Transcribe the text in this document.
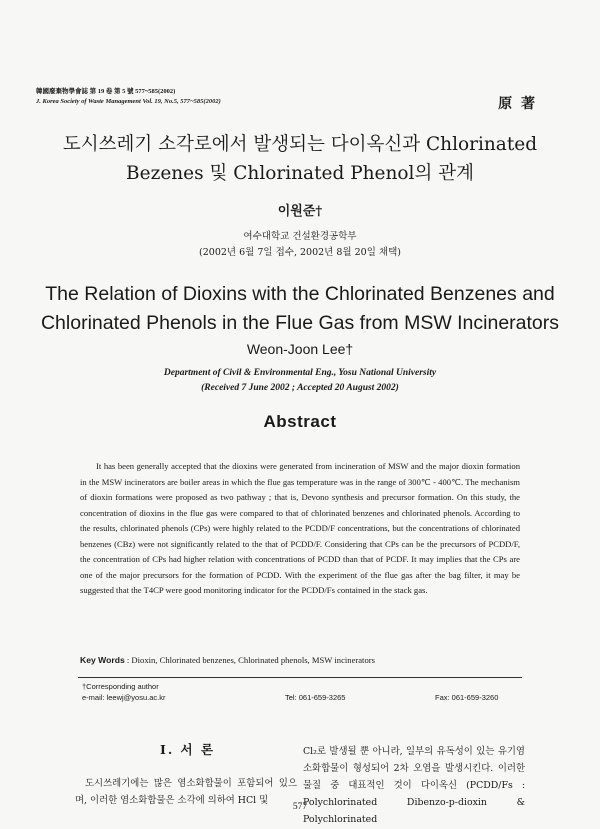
韓國廢棄物學會誌 第 19 卷 第 5 號 577~585(2002)
J. Korea Society of Waste Management Vol. 19, No.5, 577~585(2002)	原 著
도시쓰레기 소각로에서 발생되는 다이옥신과 Chlorinated
Bezenes 및 Chlorinated Phenol의 관계
이원준†
여수대학교 건설환경공학부
(2002년 6월 7일 접수, 2002년 8월 20일 채택)
The Relation of Dioxins with the Chlorinated Benzenes and
Chlorinated Phenols in the Flue Gas from MSW Incinerators
Weon-Joon Lee†
Department of Civil & Environmental Eng., Yosu National University
(Received 7 June 2002 ; Accepted 20 August 2002)
Abstract
It has been generally accepted that the dioxins were generated from incineration of MSW and the major dioxin formation in the MSW incinerators are boiler areas in which the flue gas temperature was in the range of 300℃ - 400℃. The mechanism of dioxin formations were proposed as two pathway ; that is, Devono synthesis and precursor formation. On this study, the concentration of dioxins in the flue gas were compared to that of chlorinated benzenes and chlorinated phenols. According to the results, chlorinated phenols (CPs) were highly related to the PCDD/F concentrations, but the concentrations of chlorinated benzenes (CBz) were not significantly related to the that of PCDD/F. Considering that CPs can be the precursors of PCDD/F, the concentration of CPs had higher relation with concentrations of PCDD than that of PCDF. It may implies that the CPs are one of the major precursors for the formation of PCDD. With the experiment of the flue gas after the bag filter, it may be suggested that the T4CP were good monitoring indicator for the PCDD/Fs contained in the stack gas.
Key Words : Dioxin, Chlorinated benzenes, Chlorinated phenols, MSW incinerators
†Corresponding author
e-mail: leewj@yosu.ac.kr	Tel: 061-659-3265	Fax: 061-659-3260
Ⅰ. 서 론
도시쓰레기에는 많은 염소화합물이 포함되어 있으며, 이러한 염소화합물은 소각에 의하여 HCl 및
Cl₂로 발생될 뿐 아니라, 일부의 유독성이 있는 유기염소화합물이 형성되어 2차 오염을 발생시킨다. 이러한 물질 중 대표적인 것이 다이옥신 (PCDD/Fs : Polychlorinated Dibenzo-p-dioxin & Polychlorinated
577
